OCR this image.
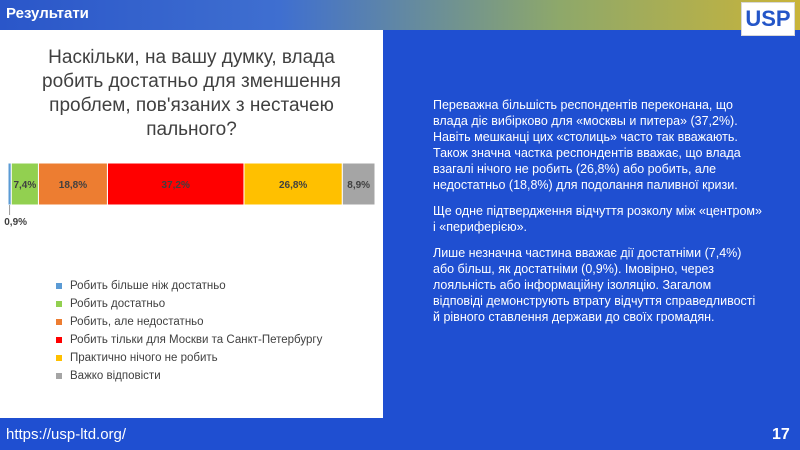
Результати	USP
Наскільки, на вашу думку, влада робить достатньо для зменшення проблем, пов'язаних з нестачею пального?
0,9%
7,4% 18,8%	37,2%	26,8%	8,9%
Робить більше ніж достатньо
Робить достатньо
Робить, але недостатньо
Робить тільки для Москви та Санкт-Петербургу
Практично нічого не робить
Важко відповісти

Переважна більшість респондентів переконана, що влада діє вибірково для «москвы и питера» (37,2%). Навіть мешканці цих «столиць» часто так вважають. Також значна частка респондентів вважає, що влада взагалі нічого не робить (26,8%) або робить, але недостатньо (18,8%) для подолання паливної кризи.

Ще одне підтвердження відчуття розколу між «центром» і «периферією».

Лише незначна частина вважає дії достатніми (7,4%) або більш, як достатніми (0,9%). Імовірно, через лояльність або інформаційну ізоляцію. Загалом відповіді демонструють втрату відчуття справедливості й рівного ставлення держави до своїх громадян.

https://usp-ltd.org/	17
